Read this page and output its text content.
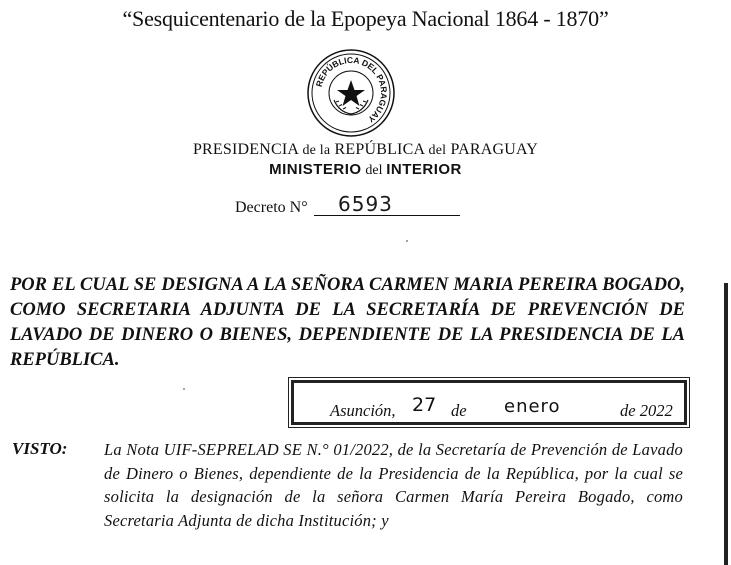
“Sesquicentenario de la Epopeya Nacional 1864 - 1870”
REPÚBLICA DEL PARAGUAY
PRESIDENCIA de la REPÚBLICA del PARAGUAY
MINISTERIO del INTERIOR
Decreto N° 6593
POR EL CUAL SE DESIGNA A LA SEÑORA CARMEN MARIA PEREIRA BOGADO, COMO SECRETARIA ADJUNTA DE LA SECRETARÍA DE PREVENCIÓN DE LAVADO DE DINERO O BIENES, DEPENDIENTE DE LA PRESIDENCIA DE LA REPÚBLICA.
Asunción, 27 de enero	de 2022
VISTO: La Nota UIF-SEPRELAD SE N.° 01/2022, de la Secretaría de Prevención de Lavado de Dinero o Bienes, dependiente de la Presidencia de la República, por la cual se solicita la designación de la señora Carmen María Pereira Bogado, como Secretaria Adjunta de dicha Institución; y
